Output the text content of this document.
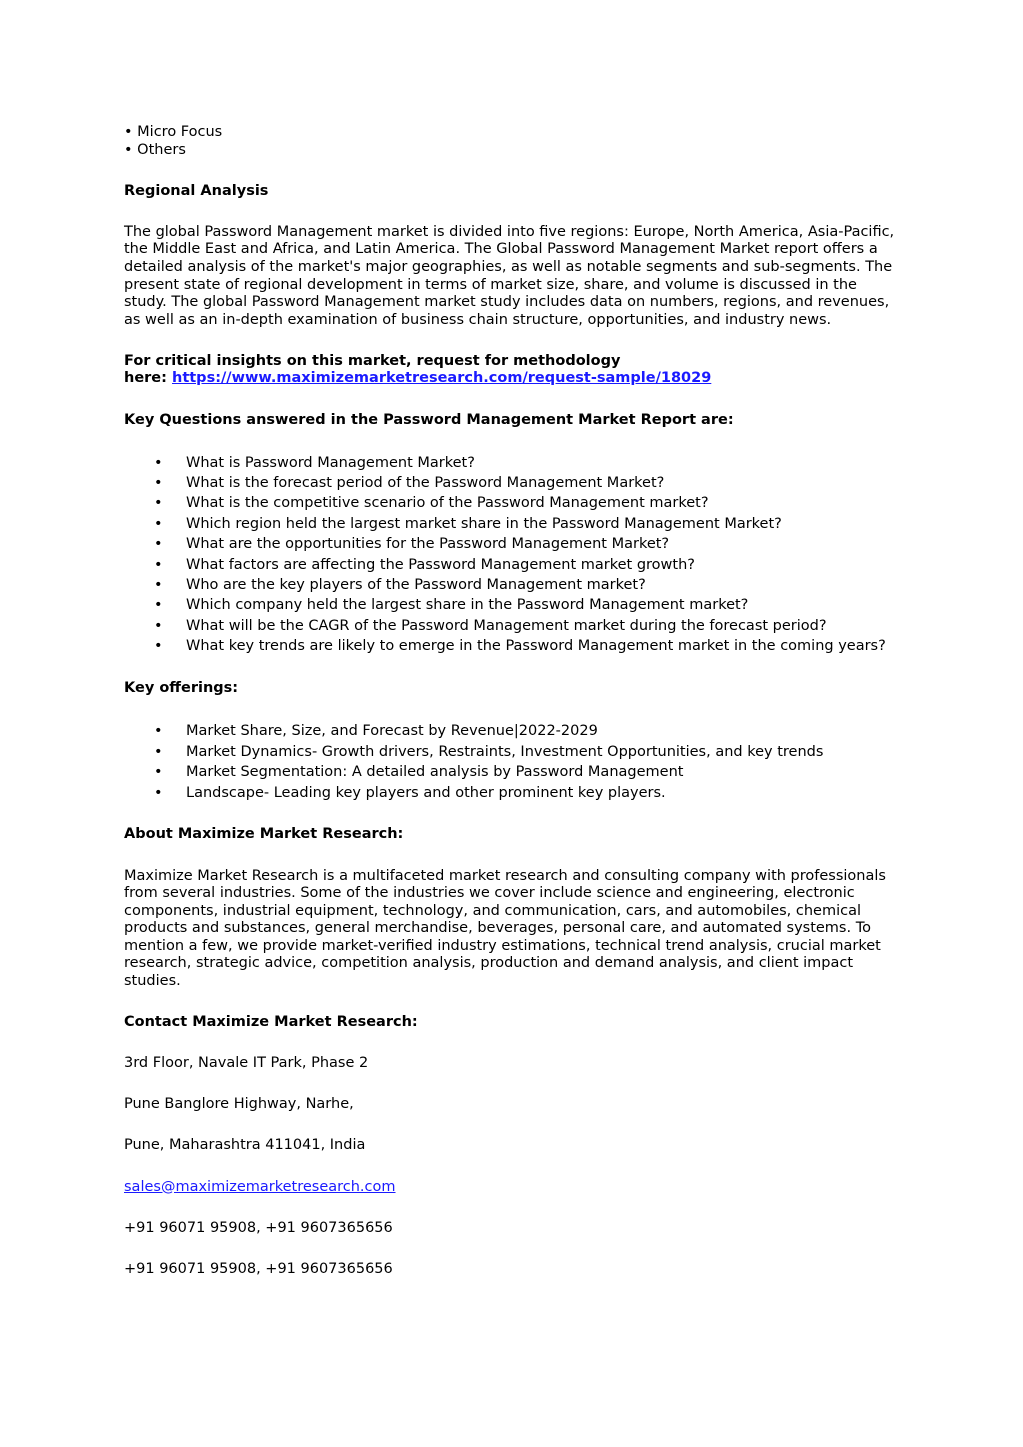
• Micro Focus
• Others

Regional Analysis

The global Password Management market is divided into five regions: Europe, North America, Asia-Pacific, the Middle East and Africa, and Latin America. The Global Password Management Market report offers a detailed analysis of the market's major geographies, as well as notable segments and sub-segments. The present state of regional development in terms of market size, share, and volume is discussed in the study. The global Password Management market study includes data on numbers, regions, and revenues, as well as an in-depth examination of business chain structure, opportunities, and industry news.

For critical insights on this market, request for methodology
here: https://www.maximizemarketresearch.com/request-sample/18029

Key Questions answered in the Password Management Market Report are:

• What is Password Management Market?
• What is the forecast period of the Password Management Market?
• What is the competitive scenario of the Password Management market?
• Which region held the largest market share in the Password Management Market?
• What are the opportunities for the Password Management Market?
• What factors are affecting the Password Management market growth?
• Who are the key players of the Password Management market?
• Which company held the largest share in the Password Management market?
• What will be the CAGR of the Password Management market during the forecast period?
• What key trends are likely to emerge in the Password Management market in the coming years?

Key offerings:

• Market Share, Size, and Forecast by Revenue|2022-2029
• Market Dynamics- Growth drivers, Restraints, Investment Opportunities, and key trends
• Market Segmentation: A detailed analysis by Password Management
• Landscape- Leading key players and other prominent key players.

About Maximize Market Research:

Maximize Market Research is a multifaceted market research and consulting company with professionals from several industries. Some of the industries we cover include science and engineering, electronic components, industrial equipment, technology, and communication, cars, and automobiles, chemical products and substances, general merchandise, beverages, personal care, and automated systems. To mention a few, we provide market-verified industry estimations, technical trend analysis, crucial market research, strategic advice, competition analysis, production and demand analysis, and client impact studies.

Contact Maximize Market Research:

3rd Floor, Navale IT Park, Phase 2

Pune Banglore Highway, Narhe,

Pune, Maharashtra 411041, India

sales@maximizemarketresearch.com

+91 96071 95908, +91 9607365656

+91 96071 95908, +91 9607365656
